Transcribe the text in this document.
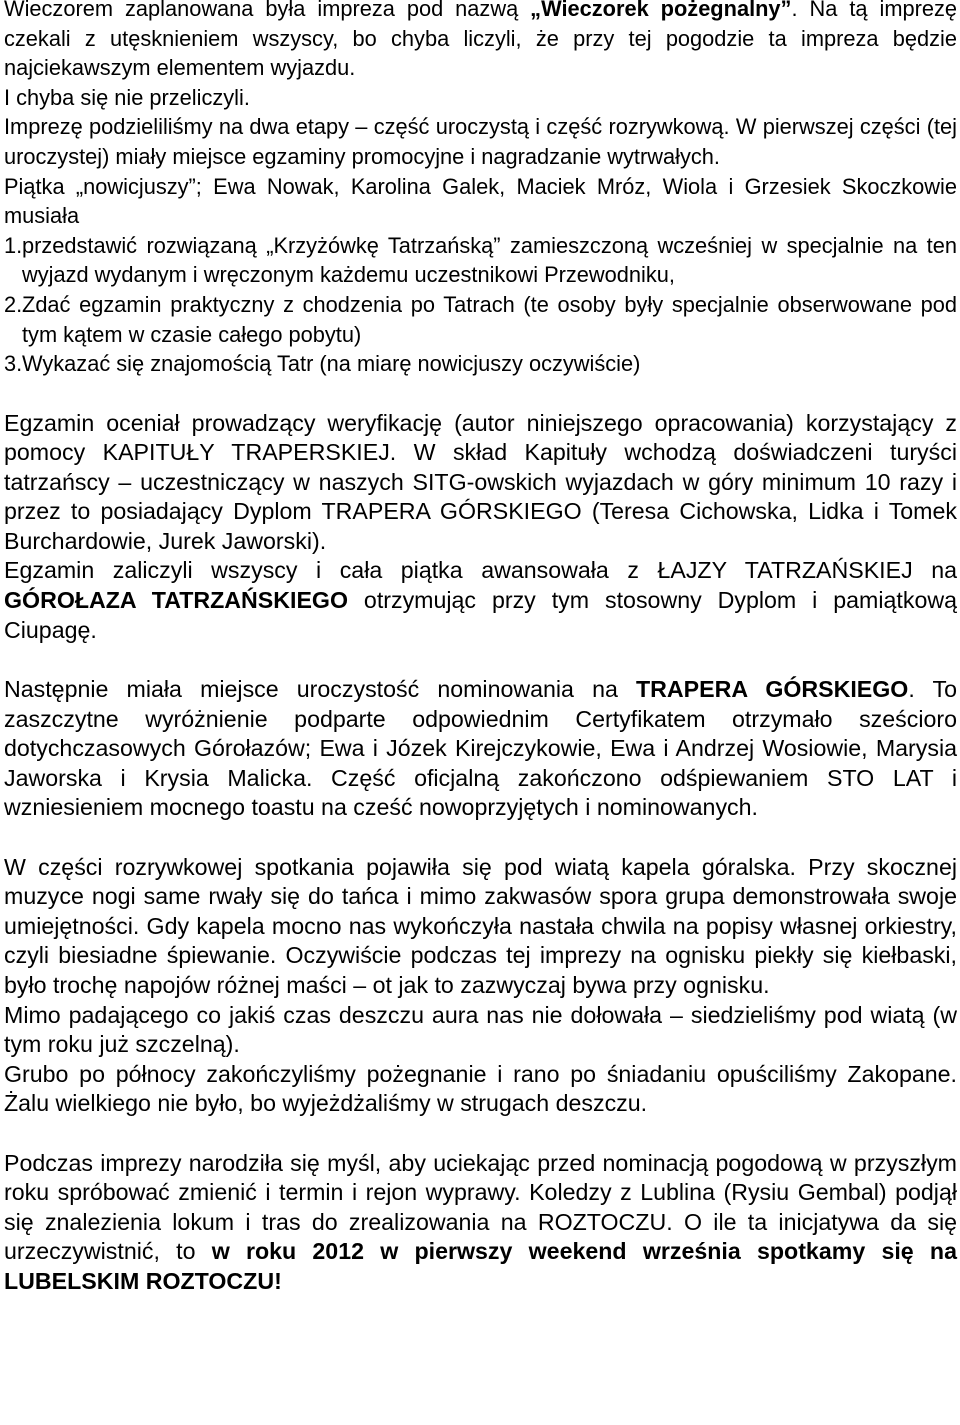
Wieczorem zaplanowana była impreza pod nazwą „Wieczorek pożegnalny”. Na tą imprezę czekali z utęsknieniem wszyscy, bo chyba liczyli, że przy tej pogodzie ta impreza będzie najciekawszym elementem wyjazdu.

I chyba się nie przeliczyli.

Imprezę podzieliliśmy na dwa etapy – część uroczystą i część rozrywkową. W pierwszej części (tej uroczystej) miały miejsce egzaminy promocyjne i nagradzanie wytrwałych.

Piątka „nowicjuszy”; Ewa Nowak, Karolina Galek, Maciek Mróz, Wiola i Grzesiek Skoczkowie musiała

1. przedstawić rozwiązaną „Krzyżówkę Tatrzańską” zamieszczoną wcześniej w specjalnie na ten wyjazd wydanym i wręczonym każdemu uczestnikowi Przewodniku,
2. Zdać egzamin praktyczny z chodzenia po Tatrach (te osoby były specjalnie obserwowane pod tym kątem w czasie całego pobytu)
3. Wykazać się znajomością Tatr (na miarę nowicjuszy oczywiście)

Egzamin oceniał prowadzący weryfikację (autor niniejszego opracowania) korzystający z pomocy KAPITUŁY TRAPERSKIEJ. W skład Kapituły wchodzą doświadczeni turyści tatrzańscy – uczestniczący w naszych SITG-owskich wyjazdach w góry minimum 10 razy i przez to posiadający Dyplom TRAPERA GÓRSKIEGO (Teresa Cichowska, Lidka i Tomek Burchardowie, Jurek Jaworski).

Egzamin zaliczyli wszyscy i cała piątka awansowała z ŁAJZY TATRZAŃSKIEJ na GÓROŁAZA TATRZAŃSKIEGO otrzymując przy tym stosowny Dyplom i pamiątkową Ciupagę.

Następnie miała miejsce uroczystość nominowania na TRAPERA GÓRSKIEGO. To zaszczytne wyróżnienie podparte odpowiednim Certyfikatem otrzymało sześcioro dotychczasowych Górołazów; Ewa i Józek Kirejczykowie, Ewa i Andrzej Wosiowie, Marysia Jaworska i Krysia Malicka. Część oficjalną zakończono odśpiewaniem STO LAT i wzniesieniem mocnego toastu na cześć nowoprzyjętych i nominowanych.

W części rozrywkowej spotkania pojawiła się pod wiatą kapela góralska. Przy skocznej muzyce nogi same rwały się do tańca i mimo zakwasów spora grupa demonstrowała swoje umiejętności. Gdy kapela mocno nas wykończyła nastała chwila na popisy własnej orkiestry, czyli biesiadne śpiewanie. Oczywiście podczas tej imprezy na ognisku piekły się kiełbaski, było trochę napojów różnej maści – ot jak to zazwyczaj bywa przy ognisku.

Mimo padającego co jakiś czas deszczu aura nas nie dołowała – siedzieliśmy pod wiatą (w tym roku już szczelną).

Grubo po północy zakończyliśmy pożegnanie i rano po śniadaniu opuściliśmy Zakopane. Żalu wielkiego nie było, bo wyjeżdżaliśmy w strugach deszczu.

Podczas imprezy narodziła się myśl, aby uciekając przed nominacją pogodową w przyszłym roku spróbować zmienić i termin i rejon wyprawy. Koledzy z Lublina (Rysiu Gembal) podjął się znalezienia lokum i tras do zrealizowania na ROZTOCZU. O ile ta inicjatywa da się urzeczywistnić, to w roku 2012 w pierwszy weekend września spotkamy się na LUBELSKIM ROZTOCZU!
